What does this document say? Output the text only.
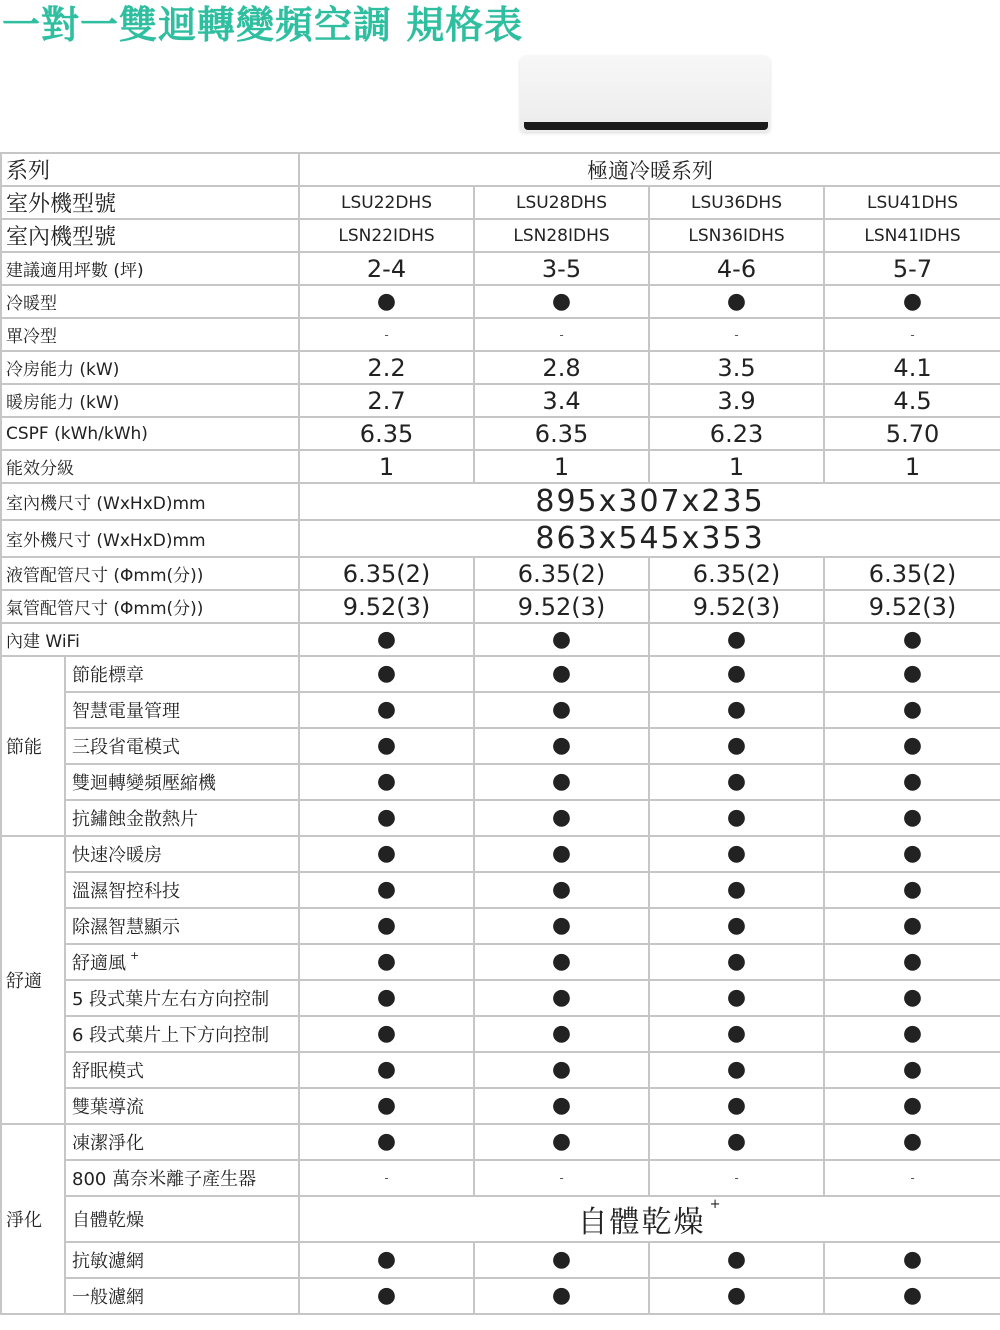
一對一雙迴轉變頻空調 規格表
系列		極適冷暖系列			
室外機型號		LSU22DHS	LSU28DHS	LSU36DHS	LSU41DHS
室內機型號		LSN22IDHS	LSN28IDHS	LSN36IDHS	LSN41IDHS
建議適用坪數 (坪)		2-4	3-5	4-6	5-7
冷暖型		●	●	●	●
單冷型		-	-	-	-
冷房能力 (kW)		2.2	2.8	3.5	4.1
暖房能力 (kW)		2.7	3.4	3.9	4.5
CSPF (kWh/kWh)		6.35	6.35	6.23	5.70
能效分級		1	1	1	1
室內機尺寸 (WxHxD)mm		895x307x235			
室外機尺寸 (WxHxD)mm		863x545x353			
液管配管尺寸 (Φmm(分))		6.35(2)	6.35(2)	6.35(2)	6.35(2)
氣管配管尺寸 (Φmm(分))		9.52(3)	9.52(3)	9.52(3)	9.52(3)
內建 WiFi		●	●	●	●
節能	節能標章	●	●	●	●
	智慧電量管理	●	●	●	●
	三段省電模式	●	●	●	●
	雙迴轉變頻壓縮機	●	●	●	●
	抗鏽蝕金散熱片	●	●	●	●
舒適	快速冷暖房	●	●	●	●
	溫濕智控科技	●	●	●	●
	除濕智慧顯示	●	●	●	●
	舒適風 +	●	●	●	●
	5 段式葉片左右方向控制	●	●	●	●
	6 段式葉片上下方向控制	●	●	●	●
	舒眠模式	●	●	●	●
	雙葉導流	●	●	●	●
淨化	凍潔淨化	●	●	●	●
	800 萬奈米離子產生器	-	-	-	-
	自體乾燥	自體乾燥+
	抗敏濾網	●	●	●	●
	一般濾網	●	●	●	●
